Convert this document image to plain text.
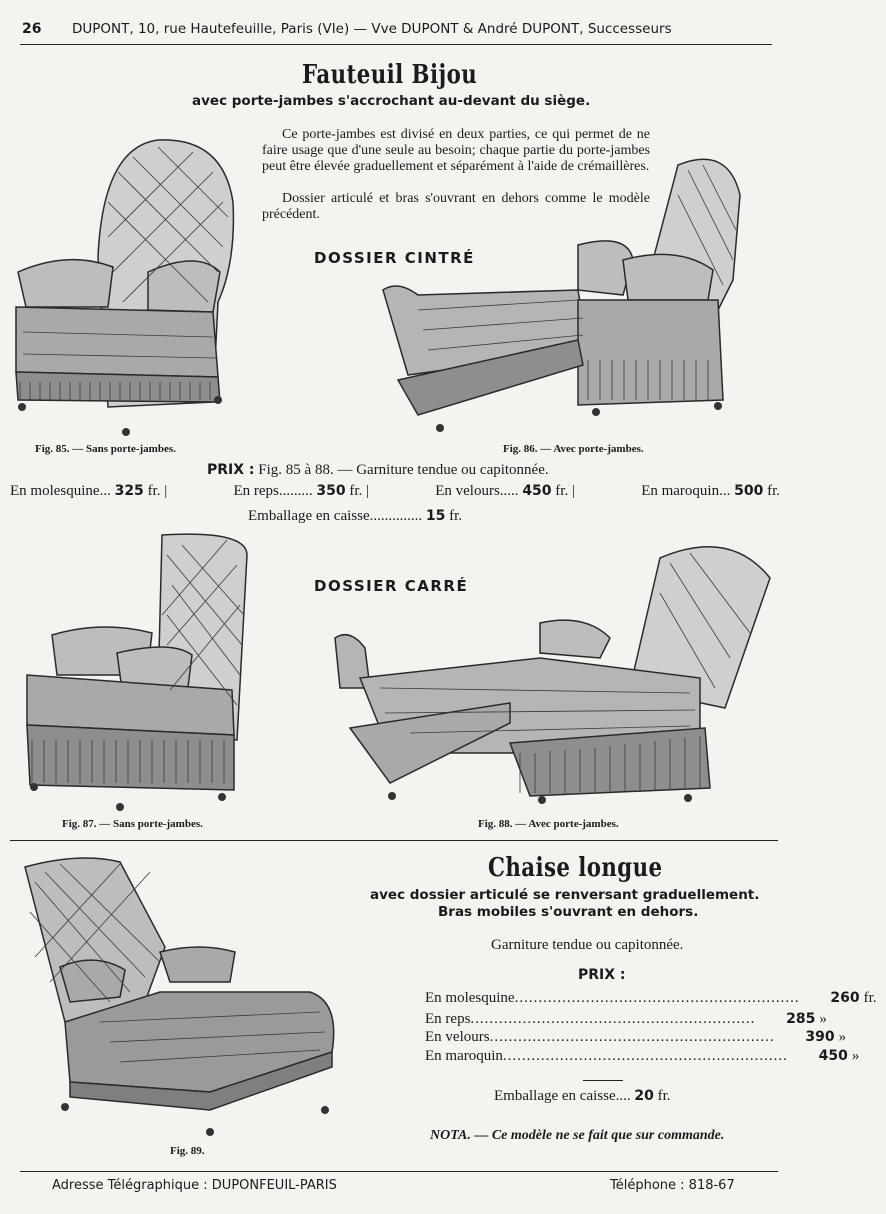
26 DUPONT, 10, rue Hautefeuille, Paris (VIe) — Vve DUPONT & André DUPONT, Successeurs
Fauteuil Bijou
avec porte-jambes s'accrochant au-devant du siège.
Ce porte-jambes est divisé en deux parties, ce qui permet de ne faire usage que d'une seule au besoin; chaque partie du porte-jambes peut être élevée graduellement et séparément à l'aide de crémaillères.
Dossier articulé et bras s'ouvrant en dehors comme le modèle précédent.
DOSSIER CINTRÉ
Fig. 85. — Sans porte-jambes.	Fig. 86. — Avec porte-jambes.
PRIX : Fig. 85 à 88. — Garniture tendue ou capitonnée.
En molesquine... 325 fr. |	En reps......... 350 fr. |	En velours..... 450 fr. |	En maroquin... 500 fr.
Emballage en caisse.............. 15 fr.
DOSSIER CARRÉ
Fig. 87. — Sans porte-jambes.	Fig. 88. — Avec porte-jambes.
Chaise longue
avec dossier articulé se renversant graduellement.
Bras mobiles s'ouvrant en dehors.
Garniture tendue ou capitonnée.
PRIX :
En molesquine ............................................................	260 fr.
En reps ............................................................	285 »
En velours ............................................................	390 »
En maroquin ............................................................	450 »
Emballage en caisse.... 20 fr.
NOTA. — Ce modèle ne se fait que sur commande.
Fig. 89.
Adresse Télégraphique : DUPONFEUIL-PARIS	Téléphone : 818-67
